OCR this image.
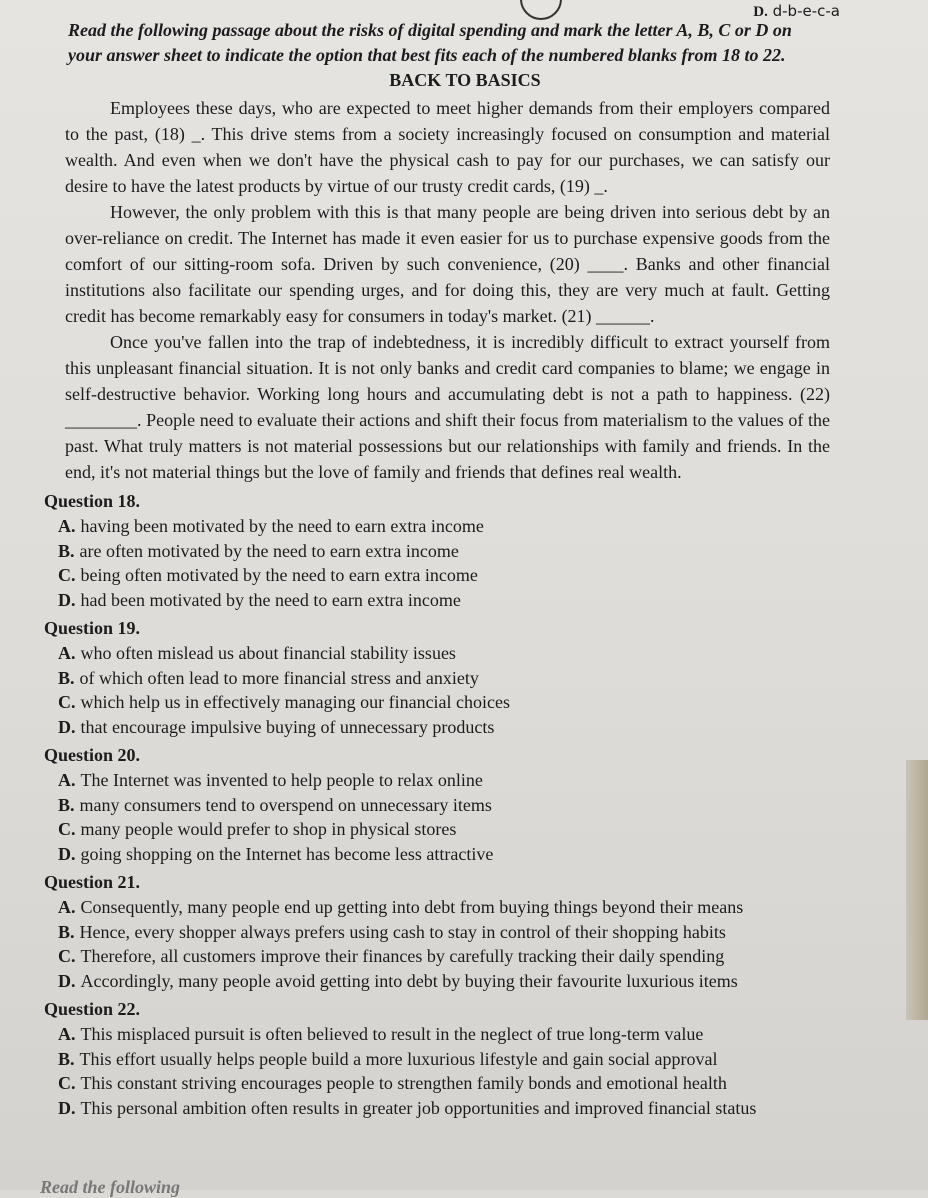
D. d-b-e-c-a
Read the following passage about the risks of digital spending and mark the letter A, B, C or D on your answer sheet to indicate the option that best fits each of the numbered blanks from 18 to 22.
BACK TO BASICS
Employees these days, who are expected to meet higher demands from their employers compared to the past, (18) _. This drive stems from a society increasingly focused on consumption and material wealth. And even when we don't have the physical cash to pay for our purchases, we can satisfy our desire to have the latest products by virtue of our trusty credit cards, (19) _.
However, the only problem with this is that many people are being driven into serious debt by an over-reliance on credit. The Internet has made it even easier for us to purchase expensive goods from the comfort of our sitting-room sofa. Driven by such convenience, (20) ____. Banks and other financial institutions also facilitate our spending urges, and for doing this, they are very much at fault. Getting credit has become remarkably easy for consumers in today's market. (21) ______.
Once you've fallen into the trap of indebtedness, it is incredibly difficult to extract yourself from this unpleasant financial situation. It is not only banks and credit card companies to blame; we engage in self-destructive behavior. Working long hours and accumulating debt is not a path to happiness. (22) ________. People need to evaluate their actions and shift their focus from materialism to the values of the past. What truly matters is not material possessions but our relationships with family and friends. In the end, it's not material things but the love of family and friends that defines real wealth.
Question 18.
A. having been motivated by the need to earn extra income
B. are often motivated by the need to earn extra income
C. being often motivated by the need to earn extra income
D. had been motivated by the need to earn extra income
Question 19.
A. who often mislead us about financial stability issues
B. of which often lead to more financial stress and anxiety
C. which help us in effectively managing our financial choices
D. that encourage impulsive buying of unnecessary products
Question 20.
A. The Internet was invented to help people to relax online
B. many consumers tend to overspend on unnecessary items
C. many people would prefer to shop in physical stores
D. going shopping on the Internet has become less attractive
Question 21.
A. Consequently, many people end up getting into debt from buying things beyond their means
B. Hence, every shopper always prefers using cash to stay in control of their shopping habits
C. Therefore, all customers improve their finances by carefully tracking their daily spending
D. Accordingly, many people avoid getting into debt by buying their favourite luxurious items
Question 22.
A. This misplaced pursuit is often believed to result in the neglect of true long-term value
B. This effort usually helps people build a more luxurious lifestyle and gain social approval
C. This constant striving encourages people to strengthen family bonds and emotional health
D. This personal ambition often results in greater job opportunities and improved financial status
Read the following
